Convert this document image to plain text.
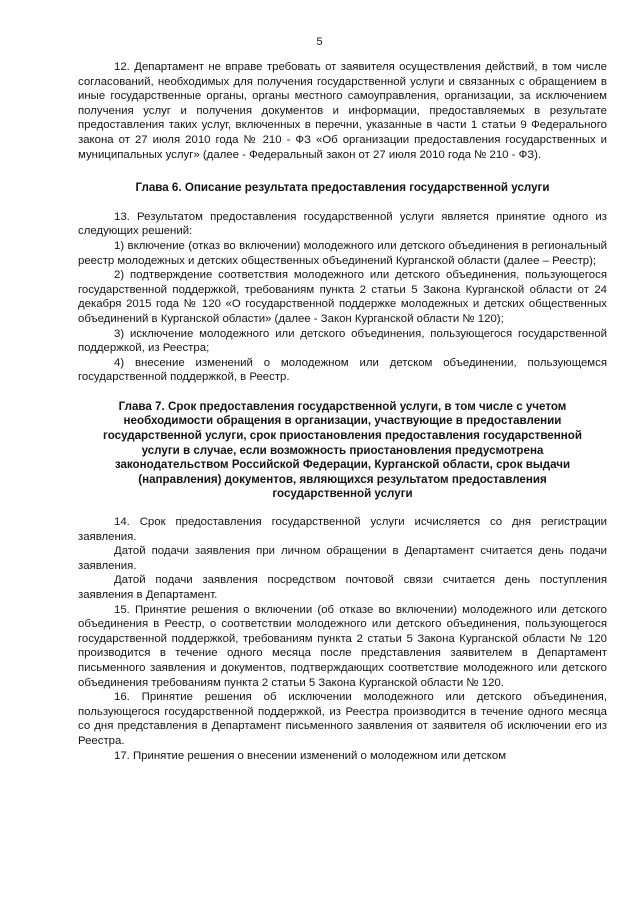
5

12. Департамент не вправе требовать от заявителя осуществления действий, в том числе согласований, необходимых для получения государственной услуги и связанных с обращением в иные государственные органы, органы местного самоуправления, организации, за исключением получения услуг и получения документов и информации, предоставляемых в результате предоставления таких услуг, включенных в перечни, указанные в части 1 статьи 9 Федерального закона от 27 июля 2010 года № 210 - ФЗ «Об организации предоставления государственных и муниципальных услуг» (далее - Федеральный закон от 27 июля 2010 года № 210 - ФЗ).

Глава 6. Описание результата предоставления государственной услуги

13. Результатом предоставления государственной услуги является принятие одного из следующих решений:

1) включение (отказ во включении) молодежного или детского объединения в региональный реестр молодежных и детских общественных объединений Курганской области (далее – Реестр);

2) подтверждение соответствия молодежного или детского объединения, пользующегося государственной поддержкой, требованиям пункта 2 статьи 5 Закона Курганской области от 24 декабря 2015 года № 120 «О государственной поддержке молодежных и детских общественных объединений в Курганской области» (далее - Закон Курганской области № 120);

3) исключение молодежного или детского объединения, пользующегося государственной поддержкой, из Реестра;

4) внесение изменений о молодежном или детском объединении, пользующемся государственной поддержкой, в Реестр.

Глава 7. Срок предоставления государственной услуги, в том числе с учетом необходимости обращения в организации, участвующие в предоставлении государственной услуги, срок приостановления предоставления государственной услуги в случае, если возможность приостановления предусмотрена законодательством Российской Федерации, Курганской области, срок выдачи (направления) документов, являющихся результатом предоставления государственной услуги

14. Срок предоставления государственной услуги исчисляется со дня регистрации заявления.

Датой подачи заявления при личном обращении в Департамент считается день подачи заявления.

Датой подачи заявления посредством почтовой связи считается день поступления заявления в Департамент.

15. Принятие решения о включении (об отказе во включении) молодежного или детского объединения в Реестр, о соответствии молодежного или детского объединения, пользующегося государственной поддержкой, требованиям пункта 2 статьи 5 Закона Курганской области № 120 производится в течение одного месяца после представления заявителем в Департамент письменного заявления и документов, подтверждающих соответствие молодежного или детского объединения требованиям пункта 2 статьи 5 Закона Курганской области № 120.

16. Принятие решения об исключении молодежного или детского объединения, пользующегося государственной поддержкой, из Реестра производится в течение одного месяца со дня представления в Департамент письменного заявления от заявителя об исключении его из Реестра.

17. Принятие решения о внесении изменений о молодежном или детском
